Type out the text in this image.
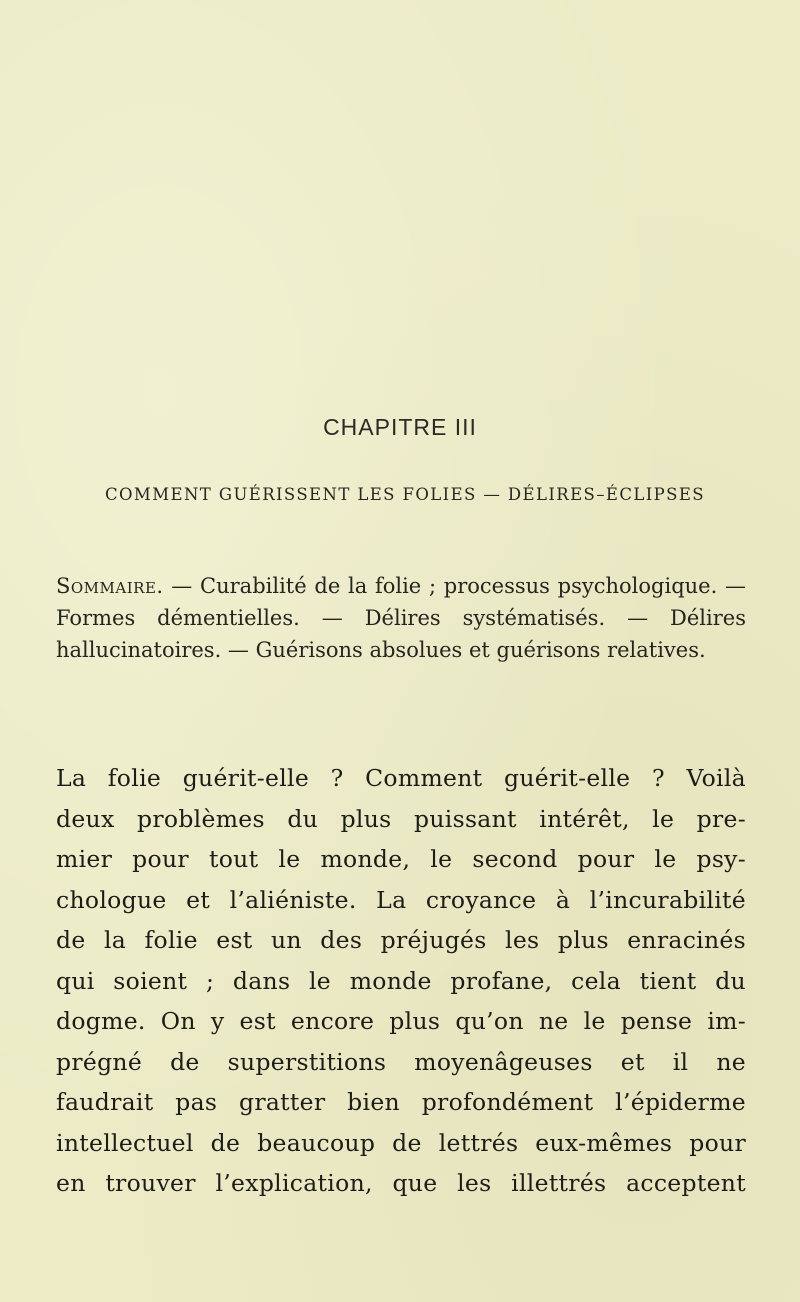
CHAPITRE III
COMMENT GUÉRISSENT LES FOLIES — DÉLIRES–ÉCLIPSES
Sommaire. — Curabilité de la folie ; processus psychologique. — Formes démentielles. — Délires systématisés. — Délires hallucinatoires. — Guérisons absolues et guérisons relatives.
La folie guérit-elle ? Comment guérit-elle ? Voilà
deux problèmes du plus puissant intérêt, le pre-
mier pour tout le monde, le second pour le psy-
chologue et l’aliéniste. La croyance à l’incurabilité
de la folie est un des préjugés les plus enracinés
qui soient ; dans le monde profane, cela tient du
dogme. On y est encore plus qu’on ne le pense im-
prégné de superstitions moyenâgeuses et il ne
faudrait pas gratter bien profondément l’épiderme
intellectuel de beaucoup de lettrés eux-mêmes pour
en trouver l’explication, que les illettrés acceptent
